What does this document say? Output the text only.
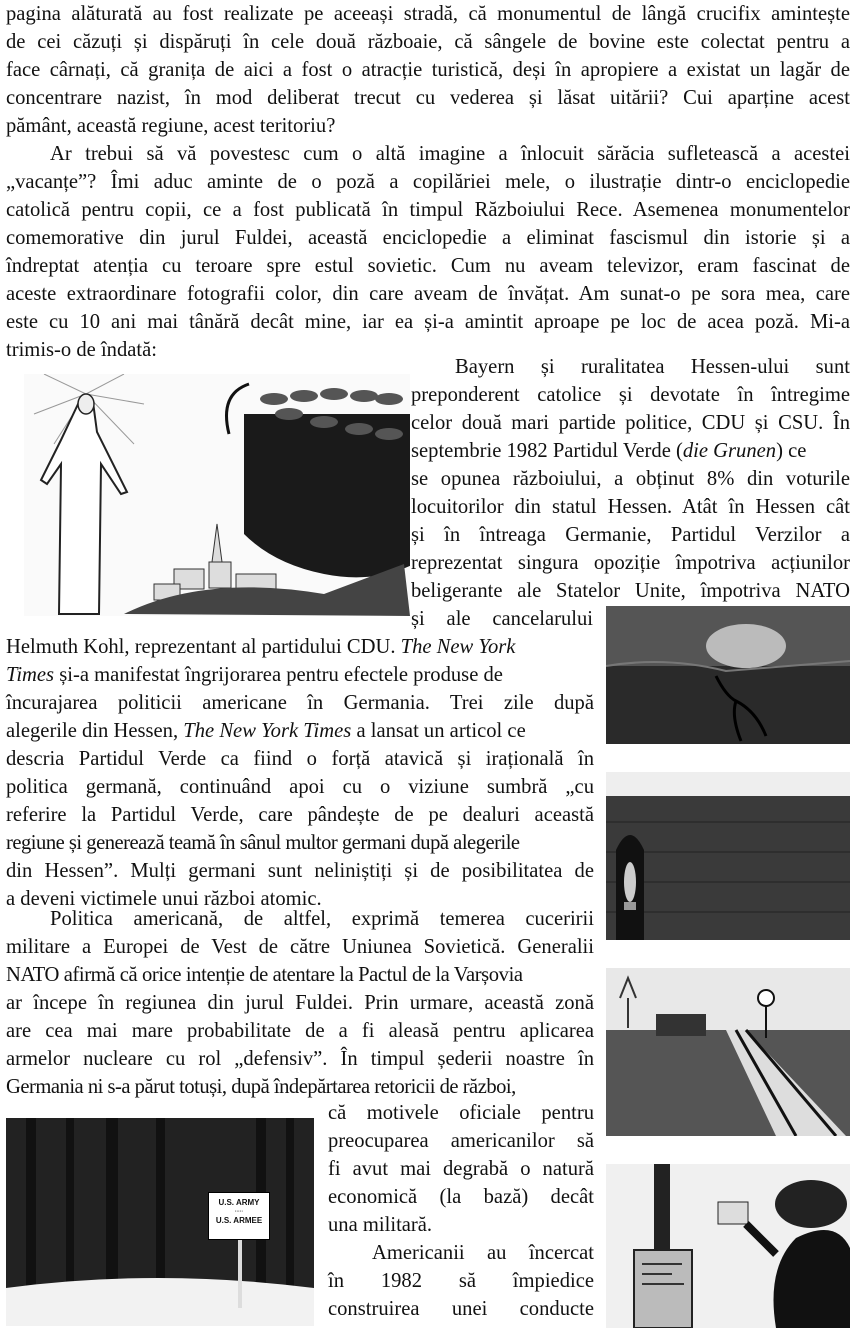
pagina alăturată au fost realizate pe aceeași stradă, că monumentul de lângă crucifix amintește
de cei căzuți și dispăruți în cele două războaie, că sângele de bovine este colectat pentru a
face cârnați, că granița de aici a fost o atracție turistică, deși în apropiere a existat un lagăr de
concentrare nazist, în mod deliberat trecut cu vederea și lăsat uitării? Cui aparține acest
pământ, această regiune, acest teritoriu?
Ar trebui să vă povestesc cum o altă imagine a înlocuit sărăcia sufletească a acestei
„vacanțe”? Îmi aduc aminte de o poză a copilăriei mele, o ilustrație dintr-o enciclopedie
catolică pentru copii, ce a fost publicată în timpul Războiului Rece. Asemenea monumentelor
comemorative din jurul Fuldei, această enciclopedie a eliminat fascismul din istorie și a
îndreptat atenția cu teroare spre estul sovietic. Cum nu aveam televizor, eram fascinat de
aceste extraordinare fotografii color, din care aveam de învățat. Am sunat-o pe sora mea, care
este cu 10 ani mai tânără decât mine, iar ea și-a amintit aproape pe loc de acea poză. Mi-a
trimis-o de îndată:
Bayern și ruralitatea Hessen-ului sunt
preponderent catolice și devotate în întregime
celor două mari partide politice, CDU și CSU. În
septembrie 1982 Partidul Verde (die Grunen) ce
se opunea războiului, a obținut 8% din voturile
locuitorilor din statul Hessen. Atât în Hessen cât
și în întreaga Germanie, Partidul Verzilor a
reprezentat singura opoziție împotriva acțiunilor
beligerante ale Statelor Unite, împotriva NATO
și ale cancelarului
Helmuth Kohl, reprezentant al partidului CDU. The New York
Times și-a manifestat îngrijorarea pentru efectele produse de
încurajarea politicii americane în Germania. Trei zile după
alegerile din Hessen, The New York Times a lansat un articol ce
descria Partidul Verde ca fiind o forță atavică și irațională în
politica germană, continuând apoi cu o viziune sumbră „cu
referire la Partidul Verde, care pândește de pe dealuri această
regiune și generează teamă în sânul multor germani după alegerile
din Hessen”. Mulți germani sunt neliniștiți și de posibilitatea de
a deveni victimele unui război atomic.
Politica americană, de altfel, exprimă temerea cuceririi
militare a Europei de Vest de către Uniunea Sovietică. Generalii
NATO afirmă că orice intenție de atentare la Pactul de la Varșovia
ar începe în regiunea din jurul Fuldei. Prin urmare, această zonă
are cea mai mare probabilitate de a fi aleasă pentru aplicarea
armelor nucleare cu rol „defensiv”. În timpul șederii noastre în
Germania ni s-a părut totuși, după îndepărtarea retoricii de război,
că motivele oficiale pentru
preocuparea americanilor să
fi avut mai degrabă o natură
economică (la bază) decât
una militară.
Americanii au încercat
în 1982 să împiedice
construirea unei conducte
U.S. ARMY
·····
U.S. ARMEE
